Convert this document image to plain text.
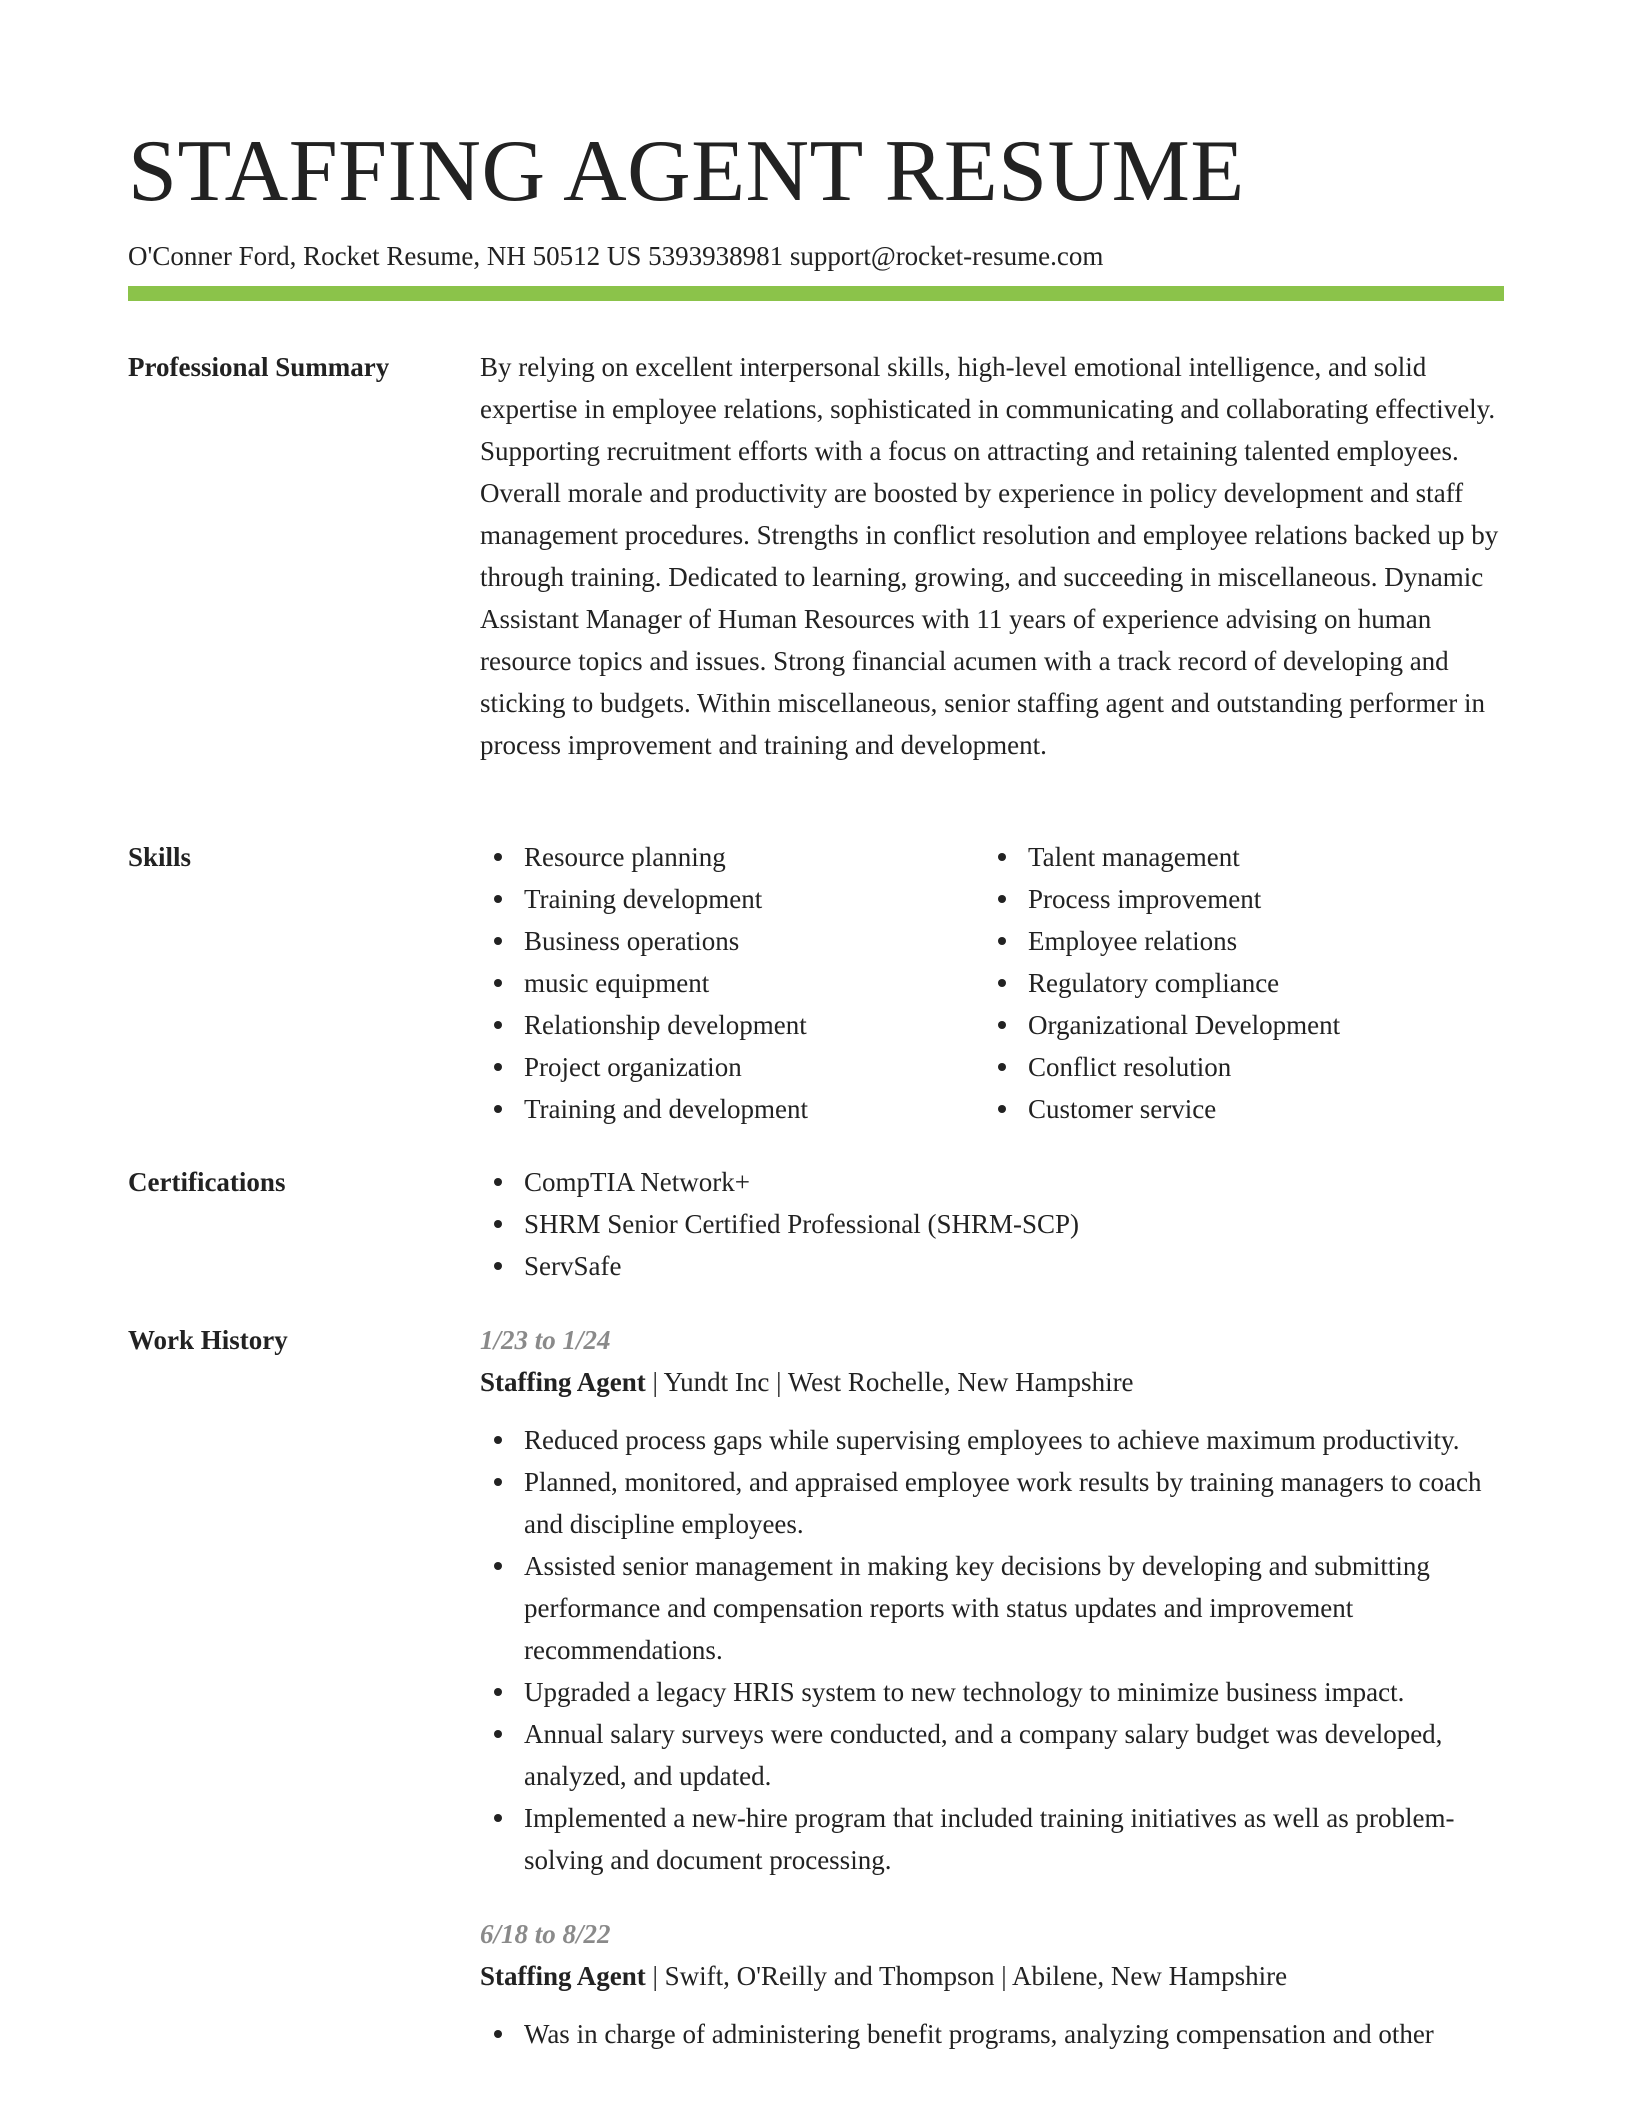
STAFFING AGENT RESUME
O'Conner Ford, Rocket Resume, NH 50512 US 5393938981 support@rocket-resume.com
Professional Summary	By relying on excellent interpersonal skills, high-level emotional intelligence, and solid expertise in employee relations, sophisticated in communicating and collaborating effectively. Supporting recruitment efforts with a focus on attracting and retaining talented employees. Overall morale and productivity are boosted by experience in policy development and staff management procedures. Strengths in conflict resolution and employee relations backed up by through training. Dedicated to learning, growing, and succeeding in miscellaneous. Dynamic Assistant Manager of Human Resources with 11 years of experience advising on human resource topics and issues. Strong financial acumen with a track record of developing and sticking to budgets. Within miscellaneous, senior staffing agent and outstanding performer in process improvement and training and development.
Skills	Resource planning
Training development
Business operations
music equipment
Relationship development
Project organization
Training and development
Talent management
Process improvement
Employee relations
Regulatory compliance
Organizational Development
Conflict resolution
Customer service
Certifications	CompTIA Network+
SHRM Senior Certified Professional (SHRM-SCP)
ServSafe
Work History	1/23 to 1/24
Staffing Agent | Yundt Inc | West Rochelle, New Hampshire
Reduced process gaps while supervising employees to achieve maximum productivity.
Planned, monitored, and appraised employee work results by training managers to coach and discipline employees.
Assisted senior management in making key decisions by developing and submitting performance and compensation reports with status updates and improvement recommendations.
Upgraded a legacy HRIS system to new technology to minimize business impact.
Annual salary surveys were conducted, and a company salary budget was developed, analyzed, and updated.
Implemented a new-hire program that included training initiatives as well as problem-solving and document processing.
6/18 to 8/22
Staffing Agent | Swift, O'Reilly and Thompson | Abilene, New Hampshire
Was in charge of administering benefit programs, analyzing compensation and other
